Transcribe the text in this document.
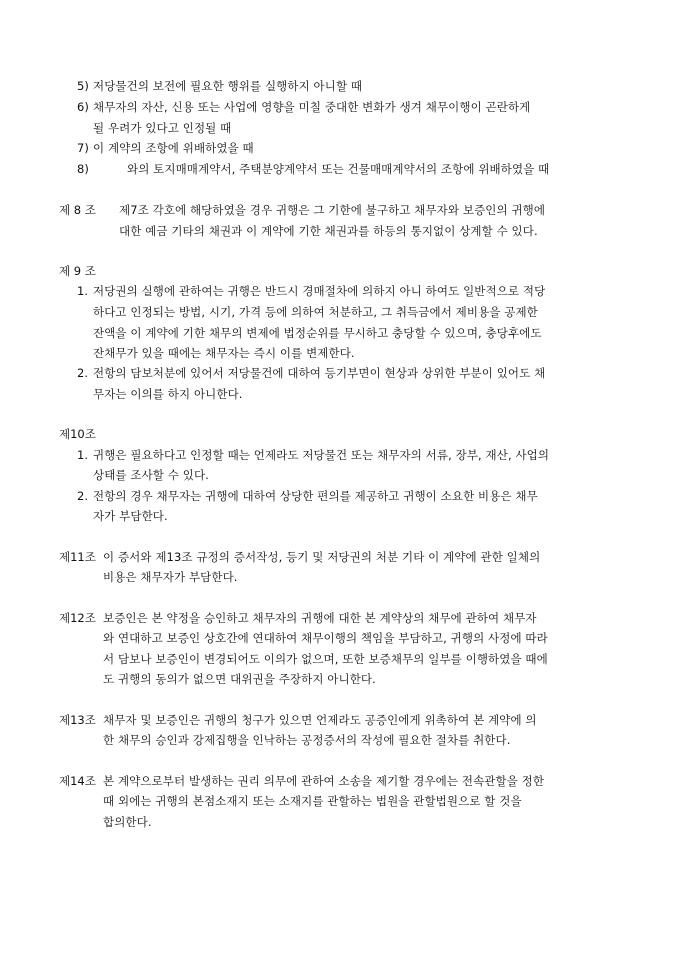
5) 저당물건의 보전에 필요한 행위를 실행하지 아니할 때
6) 채무자의 자산, 신용 또는 사업에 영향을 미칠 중대한 변화가 생겨 채무이행이 곤란하게
될 우려가 있다고 인정될 때
7) 이 계약의 조항에 위배하였을 때
8)	와의 토지매매계약서, 주택분양계약서 또는 건물매매계약서의 조항에 위배하였을 때
제 8 조 제7조 각호에 해당하였을 경우 귀행은 그 기한에 불구하고 채무자와 보증인의 귀행에
대한 예금 기타의 채권과 이 계약에 기한 채권과를 하등의 통지없이 상계할 수 있다.
제 9 조
1. 저당권의 실행에 관하여는 귀행은 반드시 경매절차에 의하지 아니 하여도 일반적으로 적당
하다고 인정되는 방법, 시기, 가격 등에 의하여 처분하고, 그 취득금에서 제비용을 공제한
잔액을 이 계약에 기한 채무의 변제에 법정순위를 무시하고 충당할 수 있으며, 충당후에도
잔채무가 있을 때에는 채무자는 즉시 이를 변제한다.
2. 전항의 담보처분에 있어서 저당물건에 대하여 등기부면이 현상과 상위한 부분이 있어도 채
무자는 이의를 하지 아니한다.
제10조
1. 귀행은 필요하다고 인정할 때는 언제라도 저당물건 또는 채무자의 서류, 장부, 재산, 사업의
상태를 조사할 수 있다.
2. 전항의 경우 채무자는 귀행에 대하여 상당한 편의를 제공하고 귀행이 소요한 비용은 채무
자가 부담한다.
제11조 이 증서와 제13조 규정의 증서작성, 등기 및 저당권의 처분 기타 이 계약에 관한 일체의
비용은 채무자가 부담한다.
제12조 보증인은 본 약정을 승인하고 채무자의 귀행에 대한 본 계약상의 채무에 관하여 채무자
와 연대하고 보증인 상호간에 연대하여 채무이행의 책임을 부담하고, 귀행의 사정에 따라
서 담보나 보증인이 변경되어도 이의가 없으며, 또한 보증채무의 일부를 이행하였을 때에
도 귀행의 동의가 없으면 대위권을 주장하지 아니한다.
제13조 채무자 및 보증인은 귀행의 청구가 있으면 언제라도 공증인에게 위촉하여 본 계약에 의
한 채무의 승인과 강제집행을 인낙하는 공정증서의 작성에 필요한 절차를 취한다.
제14조 본 계약으로부터 발생하는 권리 의무에 관하여 소송을 제기할 경우에는 전속관할을 정한
때 외에는 귀행의 본점소재지 또는 소재지를 관할하는 법원을 관할법원으로 할 것을
합의한다.
